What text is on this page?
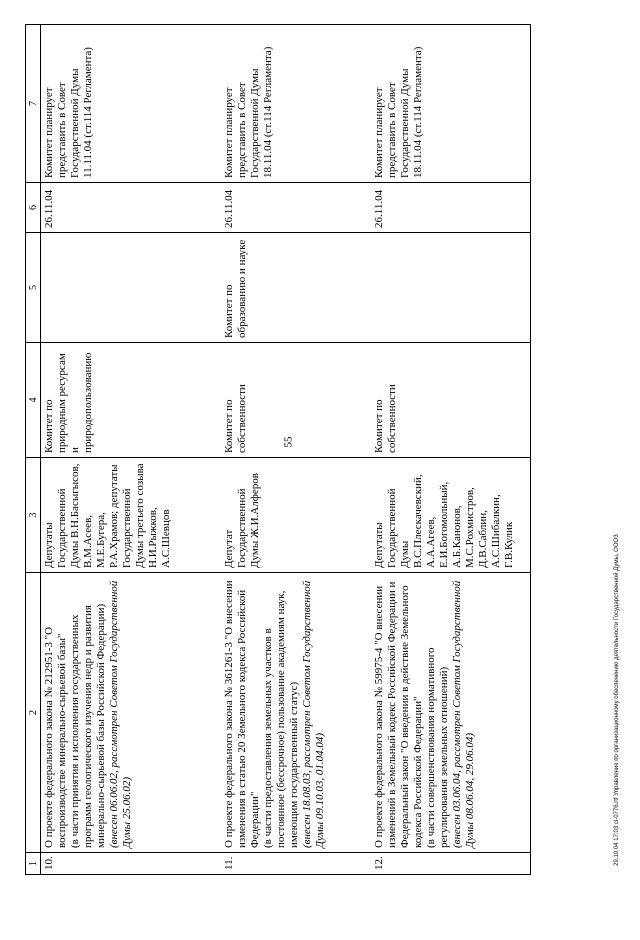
55
1	2	3	4	5	6	7
10.	О проекте федерального закона № 212951-3 "О воспроизводстве минерально-сырьевой базы" (в части принятия и исполнения государственных программ геологического изучения недр и развития минерально-сырьевой базы Российской Федерации) (внесен 06.06.02, рассмотрен Советом Государственной Думы 25.06.02)	Депутаты Государственной Думы В.Н.Басыгысов, В.М.Асеев, М.Е.Бугера, Р.А.Храмов; депутаты Государственной Думы третьего созыва Н.И.Рыжков, А.С.Шевцов	Комитет по природным ресурсам и природопользованию		26.11.04	Комитет планирует представить в Совет Государственной Думы 11.11.04 (ст.114 Регламента)
11.	О проекте федерального закона № 361261-3 "О внесении изменения в статью 20 Земельного кодекса Российской Федерации" (в части предоставления земельных участков в постоянное (бессрочное) пользование академиям наук, имеющим государственный статус) (внесен 18.08.03, рассмотрен Советом Государственной Думы 09.10.03, 01.04.04)	Депутат Государственной Думы Ж.И.Алферов	Комитет по собственности	Комитет по образованию и науке	26.11.04	Комитет планирует представить в Совет Государственной Думы 18.11.04 (ст.114 Регламента)
12.	О проекте федерального закона № 59975-4 "О внесении изменений в Земельный кодекс Российской Федерации и Федеральный закон "О введении в действие Земельного кодекса Российской Федерации" (в части совершенствования нормативного регулирования земельных отношений) (внесен 03.06.04, рассмотрен Советом Государственной Думы 08.06.04, 29.06.04)	Депутаты Государственной Думы В.С.Плескачевский, А.А.Агеев, Е.И.Богомольный, А.Б.Канонов, М.С.Рохмистров, Д.В.Саблин, А.С.Шибалкин, Г.В.Кулик	Комитет по собственности		26.11.04	Комитет планирует представить в Совет Государственной Думы 18.11.04 (ст.114 Регламента)
29.10.04 17:03 cl-0776.rtf Управление по организационному обеспечению деятельности Государственной Думы, ОООЗ
